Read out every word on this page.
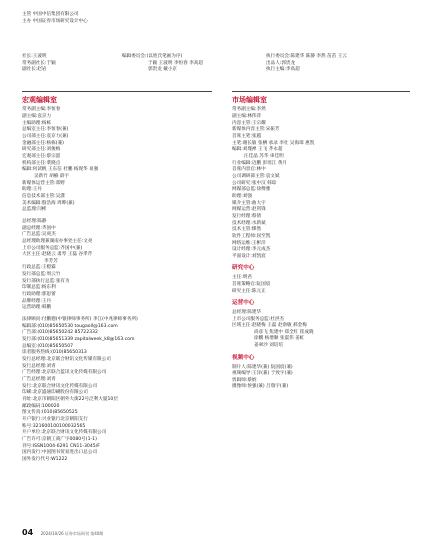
主管 中国中信集团有限公司
主办 中国证券市场研究设计中心
社长:王波明
常务副社长:于颖
副社长:赵岩
编辑委员会:(以姓氏笔画为序)
于颖 王波明 李恒春 李高超
郭贵龙 戴小京
执行委员会:陈建华 陈静 李然 苗苗 王云
出品人:郭贵龙
执行主编:李高超
宏观编辑室
常务副主编:李恒春
副主编:袁京力
主编助理:杨栋
总编室主任:李恒春(兼)
公司部主任:袁京力(兼)
金融部主任:杨栋(兼)
研究部主任:刘俊梅
宏观部主任:蔡宗韶
机构部主任:菜晓点
编辑:何读帆 王东信 杜鹏 杨现华 易强
吴新竹 胡楠 薛宇
新媒体运营主管:郑野
助理:王丹
信息技术部主管:吴潇
美术编辑:殷浩海 周晔(兼)
总监理:闫彬
总经理:陈静
副总经理:齐国中
广告总监:吴庚杰
总经理助理兼湖南办事处主任:文亮
上市公司服务总监:齐国中(兼)
大区主任:赵晓云 肃琴 王磊 谷孝芹
李芳芳
行政总监:王橙霖
发行部总监:周云竹
发行部执行总监:张有为
印制总监:杨东利
行政助理:郭思蕾
品牌经理:王丹
运营助理:韩鹏
法律顾问:付鹏德(中银律师事务所) 李江(中兆律师事务所)
编辑部:(010)85650530 tougaoll@163.com
广告部:(010)85650242 85722332
发行部:(010)85651339 zapitalweek_k8@163.com
总编室:(010)85650507
读者服务热线:(010)85650313
发行总经理:北京联合财讯文化传媒有限公司
发行总经理:刘青
广告经理:北京联合蓝讯文化传媒有限公司
广告总经理:刘青
发行:北京联合财讯文化传媒有限公司
印刷:北京盛通印刷股份有限公司
刊址:北京市朝阳区朝外大街22号泛利大厦10层
邮政编码:100020
图文传真:(010)85650525
开户银行:兴业银行北京朝阳支行
账号:321600100100032565
开户单位:北京联合财讯文化传媒有限公司
广告许可:京朝工商广字0080号(1-1)
刊号:ISSN1004-6291 CN11-3045/F
国内发行:中国图书贸易进出口总公司
国外发行代号:W1222
市场编辑室
常务副主编:李然
副主编:林伟萍
内容主管:王宗耀
新媒体内容主管:宋振芳
首席主笔:张越
主笔:谢长敏 张栖 承录 李壮 吴海璋 惠凯
编辑:刘瑾禅 王飞 齐永超
汪佳晶 苏华 車佳明
行业编辑:迈鹏 彭瑶江 黄月
首席内容官:林中
公司调研部主管:袁文斌
公司研究:张中汉 韩琼
网媒部总监:徐傅雅
助理:刘强
媒介主管:曲大宇
网媒运营:赵剑锋
发行经理:蔡倩
技术经理:水新斌
技术主管:缪然
软件工程师:屈至凯
网络运维:王彬洋
设计经理:李元成杰
平面设计:刘凯宸
研究中心
主任:明君
首席策略官:阮国宸
研究主任:陈元正
运营中心
总经理:陈建华
上市公司服务总监:杜洪杰
区域主任:赵晓梅 王磊 赵俞敏 郝金梅
尚彦飞 焦建中 郑全红 崔成晓
徐鹏 杨增顺 张震伟 姜虹
姜翠沙 刘培培
视频中心
制片人:陈建华(兼) 阮国宸(兼)
视频编导:王洋(兼) 于致宇(兼)
剪辑师:蔡炳
摄像师:侯强(兼) 吕瑞宇(兼)
04 2024/10/26 证券市场周刊 第40期
